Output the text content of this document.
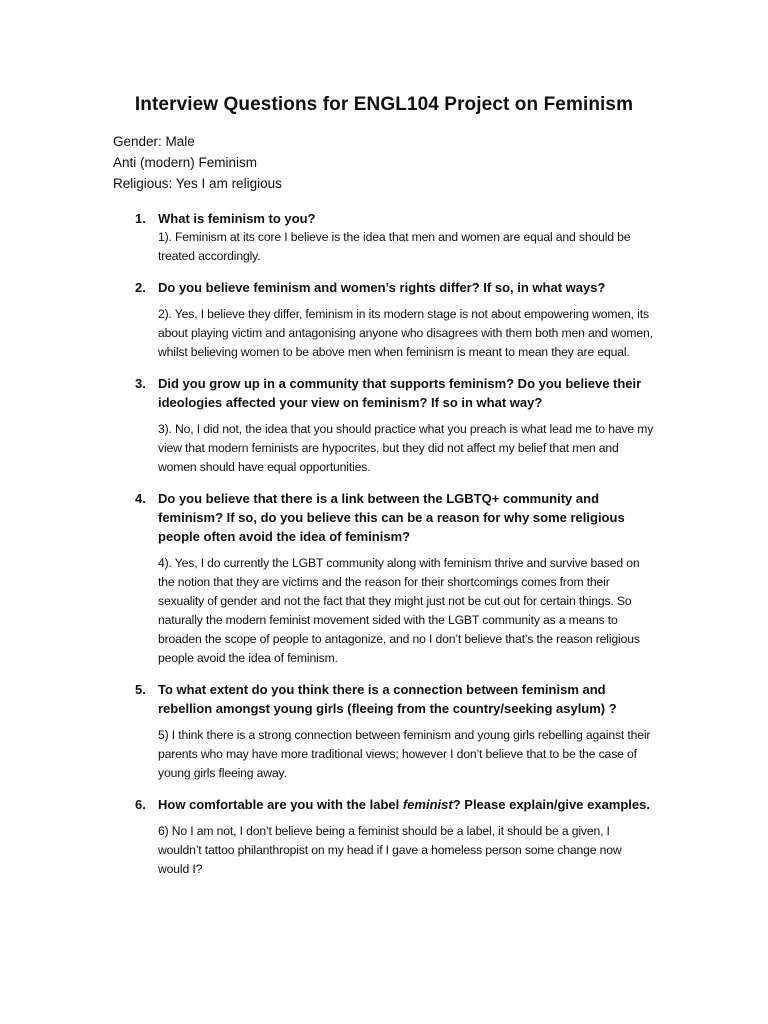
Interview Questions for ENGL104 Project on Feminism
Gender: Male
Anti (modern) Feminism
Religious: Yes I am religious
1. What is feminism to you?
1). Feminism at its core I believe is the idea that men and women are equal and should be treated accordingly.
2. Do you believe feminism and women’s rights differ? If so, in what ways?
2). Yes, I believe they differ, feminism in its modern stage is not about empowering women, its about playing victim and antagonising anyone who disagrees with them both men and women, whilst believing women to be above men when feminism is meant to mean they are equal.
3. Did you grow up in a community that supports feminism? Do you believe their ideologies affected your view on feminism? If so in what way?
3). No, I did not, the idea that you should practice what you preach is what lead me to have my view that modern feminists are hypocrites, but they did not affect my belief that men and women should have equal opportunities.
4. Do you believe that there is a link between the LGBTQ+ community and feminism? If so, do you believe this can be a reason for why some religious people often avoid the idea of feminism?
4). Yes, I do currently the LGBT community along with feminism thrive and survive based on the notion that they are victims and the reason for their shortcomings comes from their sexuality of gender and not the fact that they might just not be cut out for certain things. So naturally the modern feminist movement sided with the LGBT community as a means to broaden the scope of people to antagonize, and no I don’t believe that’s the reason religious people avoid the idea of feminism.
5. To what extent do you think there is a connection between feminism and rebellion amongst young girls (fleeing from the country/seeking asylum) ?
5) I think there is a strong connection between feminism and young girls rebelling against their parents who may have more traditional views; however I don’t believe that to be the case of young girls fleeing away.
6. How comfortable are you with the label feminist? Please explain/give examples.
6) No I am not, I don’t believe being a feminist should be a label, it should be a given, I wouldn’t tattoo philanthropist on my head if I gave a homeless person some change now would I?
